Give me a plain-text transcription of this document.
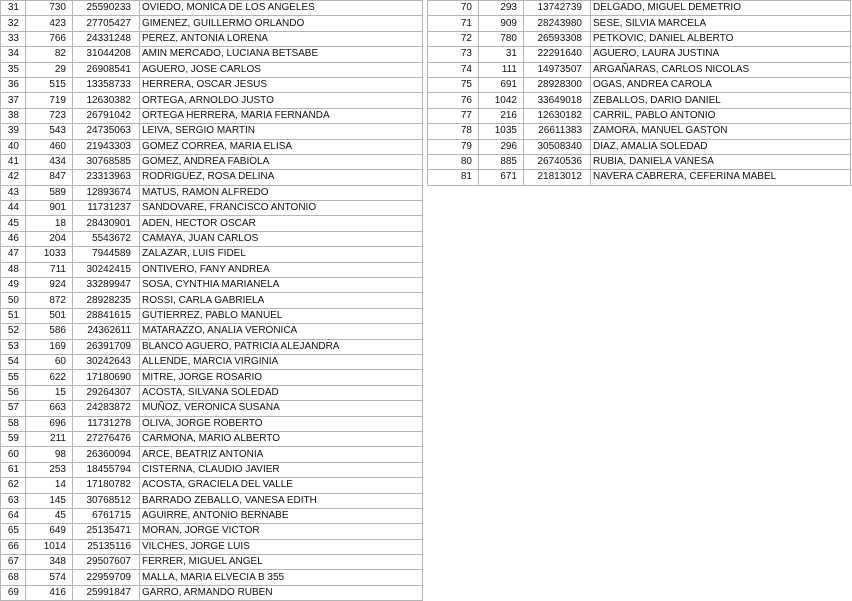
31	730	25590233	OVIEDO, MONICA DE LOS ANGELES
32	423	27705427	GIMENEZ, GUILLERMO ORLANDO
33	766	24331248	PEREZ, ANTONIA LORENA
34	82	31044208	AMIN MERCADO, LUCIANA BETSABE
35	29	26908541	AGUERO, JOSE CARLOS
36	515	13358733	HERRERA, OSCAR JESUS
37	719	12630382	ORTEGA, ARNOLDO JUSTO
38	723	26791042	ORTEGA HERRERA, MARIA FERNANDA
39	543	24735063	LEIVA, SERGIO MARTIN
40	460	21943303	GOMEZ CORREA, MARIA ELISA
41	434	30768585	GOMEZ, ANDREA FABIOLA
42	847	23313963	RODRIGUEZ, ROSA DELINA
43	589	12893674	MATUS, RAMON ALFREDO
44	901	11731237	SANDOVARE, FRANCISCO ANTONIO
45	18	28430901	ADEN, HECTOR OSCAR
46	204	5543672	CAMAYA, JUAN CARLOS
47	1033	7944589	ZALAZAR, LUIS FIDEL
48	711	30242415	ONTIVERO, FANY ANDREA
49	924	33289947	SOSA, CYNTHIA MARIANELA
50	872	28928235	ROSSI, CARLA GABRIELA
51	501	28841615	GUTIERREZ, PABLO MANUEL
52	586	24362611	MATARAZZO, ANALIA VERONICA
53	169	26391709	BLANCO AGUERO, PATRICIA ALEJANDRA
54	60	30242643	ALLENDE, MARCIA VIRGINIA
55	622	17180690	MITRE, JORGE ROSARIO
56	15	29264307	ACOSTA, SILVANA SOLEDAD
57	663	24283872	MUÑOZ, VERONICA SUSANA
58	696	11731278	OLIVA, JORGE ROBERTO
59	211	27276476	CARMONA, MARIO ALBERTO
60	98	26360094	ARCE, BEATRIZ ANTONIA
61	253	18455794	CISTERNA, CLAUDIO JAVIER
62	14	17180782	ACOSTA, GRACIELA DEL VALLE
63	145	30768512	BARRADO ZEBALLO, VANESA EDITH
64	45	6761715	AGUIRRE, ANTONIO BERNABE
65	649	25135471	MORAN, JORGE VICTOR
66	1014	25135116	VILCHES, JORGE LUIS
67	348	29507607	FERRER, MIGUEL ANGEL
68	574	22959709	MALLA, MARIA ELVECIA B 355
69	416	25991847	GARRO, ARMANDO RUBEN
70	293	13742739	DELGADO, MIGUEL DEMETRIO
71	909	28243980	SESE, SILVIA MARCELA
72	780	26593308	PETKOVIC, DANIEL ALBERTO
73	31	22291640	AGUERO, LAURA JUSTINA
74	111	14973507	ARGAÑARAS, CARLOS NICOLAS
75	691	28928300	OGAS, ANDREA CAROLA
76	1042	33649018	ZEBALLOS, DARIO DANIEL
77	216	12630182	CARRIL, PABLO ANTONIO
78	1035	26611383	ZAMORA, MANUEL GASTON
79	296	30508340	DIAZ, AMALIA SOLEDAD
80	885	26740536	RUBIA, DANIELA VANESA
81	671	21813012	NAVERA CABRERA, CEFERINA MABEL
